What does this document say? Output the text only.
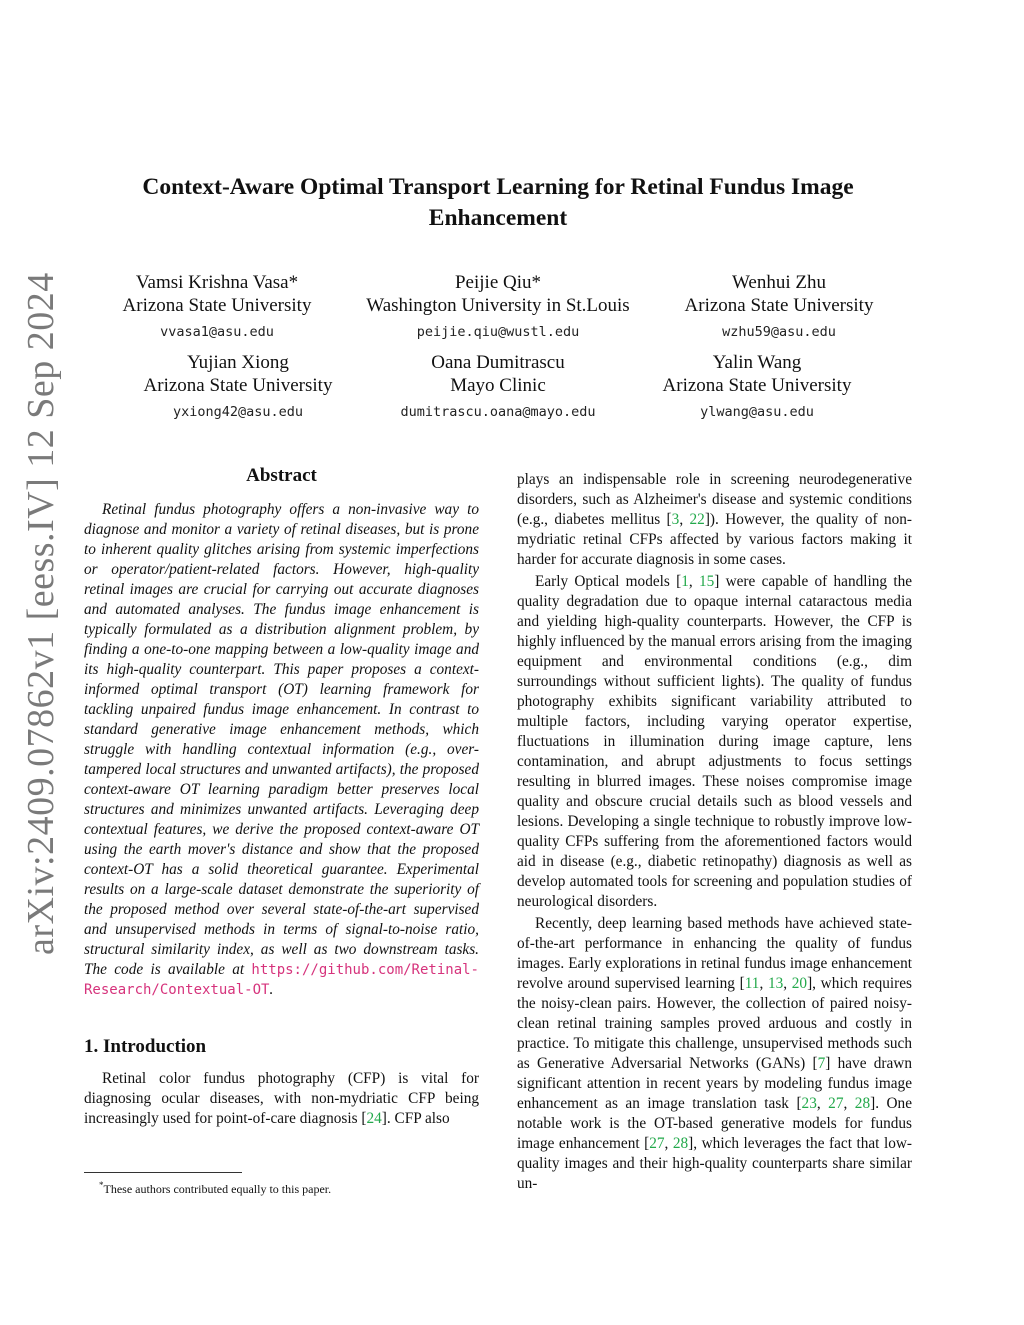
arXiv:2409.07862v1 [eess.IV] 12 Sep 2024
Context-Aware Optimal Transport Learning for Retinal Fundus Image
Enhancement
Vamsi Krishna Vasa*
Arizona State University
vvasa1@asu.edu
Peijie Qiu*
Washington University in St.Louis
peijie.qiu@wustl.edu
Wenhui Zhu
Arizona State University
wzhu59@asu.edu
Yujian Xiong
Arizona State University
yxiong42@asu.edu
Oana Dumitrascu
Mayo Clinic
dumitrascu.oana@mayo.edu
Yalin Wang
Arizona State University
ylwang@asu.edu
Abstract

Retinal fundus photography offers a non-invasive way to diagnose and monitor a variety of retinal diseases, but is prone to inherent quality glitches arising from systemic imperfections or operator/patient-related factors. However, high-quality retinal images are crucial for carrying out accurate diagnoses and automated analyses. The fundus image enhancement is typically formulated as a distribution alignment problem, by finding a one-to-one mapping between a low-quality image and its high-quality counterpart. This paper proposes a context-informed optimal transport (OT) learning framework for tackling unpaired fundus image enhancement. In contrast to standard generative image enhancement methods, which struggle with handling contextual information (e.g., over-tampered local structures and unwanted artifacts), the proposed context-aware OT learning paradigm better preserves local structures and minimizes unwanted artifacts. Leveraging deep contextual features, we derive the proposed context-aware OT using the earth mover's distance and show that the proposed context-OT has a solid theoretical guarantee. Experimental results on a large-scale dataset demonstrate the superiority of the proposed method over several state-of-the-art supervised and unsupervised methods in terms of signal-to-noise ratio, structural similarity index, as well as two downstream tasks. The code is available at https://github.com/Retinal-Research/Contextual-OT.

1. Introduction

Retinal color fundus photography (CFP) is vital for diagnosing ocular diseases, with non-mydriatic CFP being increasingly used for point-of-care diagnosis [24]. CFP also

plays an indispensable role in screening neurodegenerative disorders, such as Alzheimer's disease and systemic conditions (e.g., diabetes mellitus [3, 22]). However, the quality of non-mydriatic retinal CFPs affected by various factors making it harder for accurate diagnosis in some cases.

Early Optical models [1, 15] were capable of handling the quality degradation due to opaque internal cataractous media and yielding high-quality counterparts. However, the CFP is highly influenced by the manual errors arising from the imaging equipment and environmental conditions (e.g., dim surroundings without sufficient lights). The quality of fundus photography exhibits significant variability attributed to multiple factors, including varying operator expertise, fluctuations in illumination during image capture, lens contamination, and abrupt adjustments to focus settings resulting in blurred images. These noises compromise image quality and obscure crucial details such as blood vessels and lesions. Developing a single technique to robustly improve low-quality CFPs suffering from the aforementioned factors would aid in disease (e.g., diabetic retinopathy) diagnosis as well as develop automated tools for screening and population studies of neurological disorders.

Recently, deep learning based methods have achieved state-of-the-art performance in enhancing the quality of fundus images. Early explorations in retinal fundus image enhancement revolve around supervised learning [11, 13, 20], which requires the noisy-clean pairs. However, the collection of paired noisy-clean retinal training samples proved arduous and costly in practice. To mitigate this challenge, unsupervised methods such as Generative Adversarial Networks (GANs) [7] have drawn significant attention in recent years by modeling fundus image enhancement as an image translation task [23, 27, 28]. One notable work is the OT-based generative models for fundus image enhancement [27, 28], which leverages the fact that low-quality images and their high-quality counterparts share similar un-

*These authors contributed equally to this paper.
